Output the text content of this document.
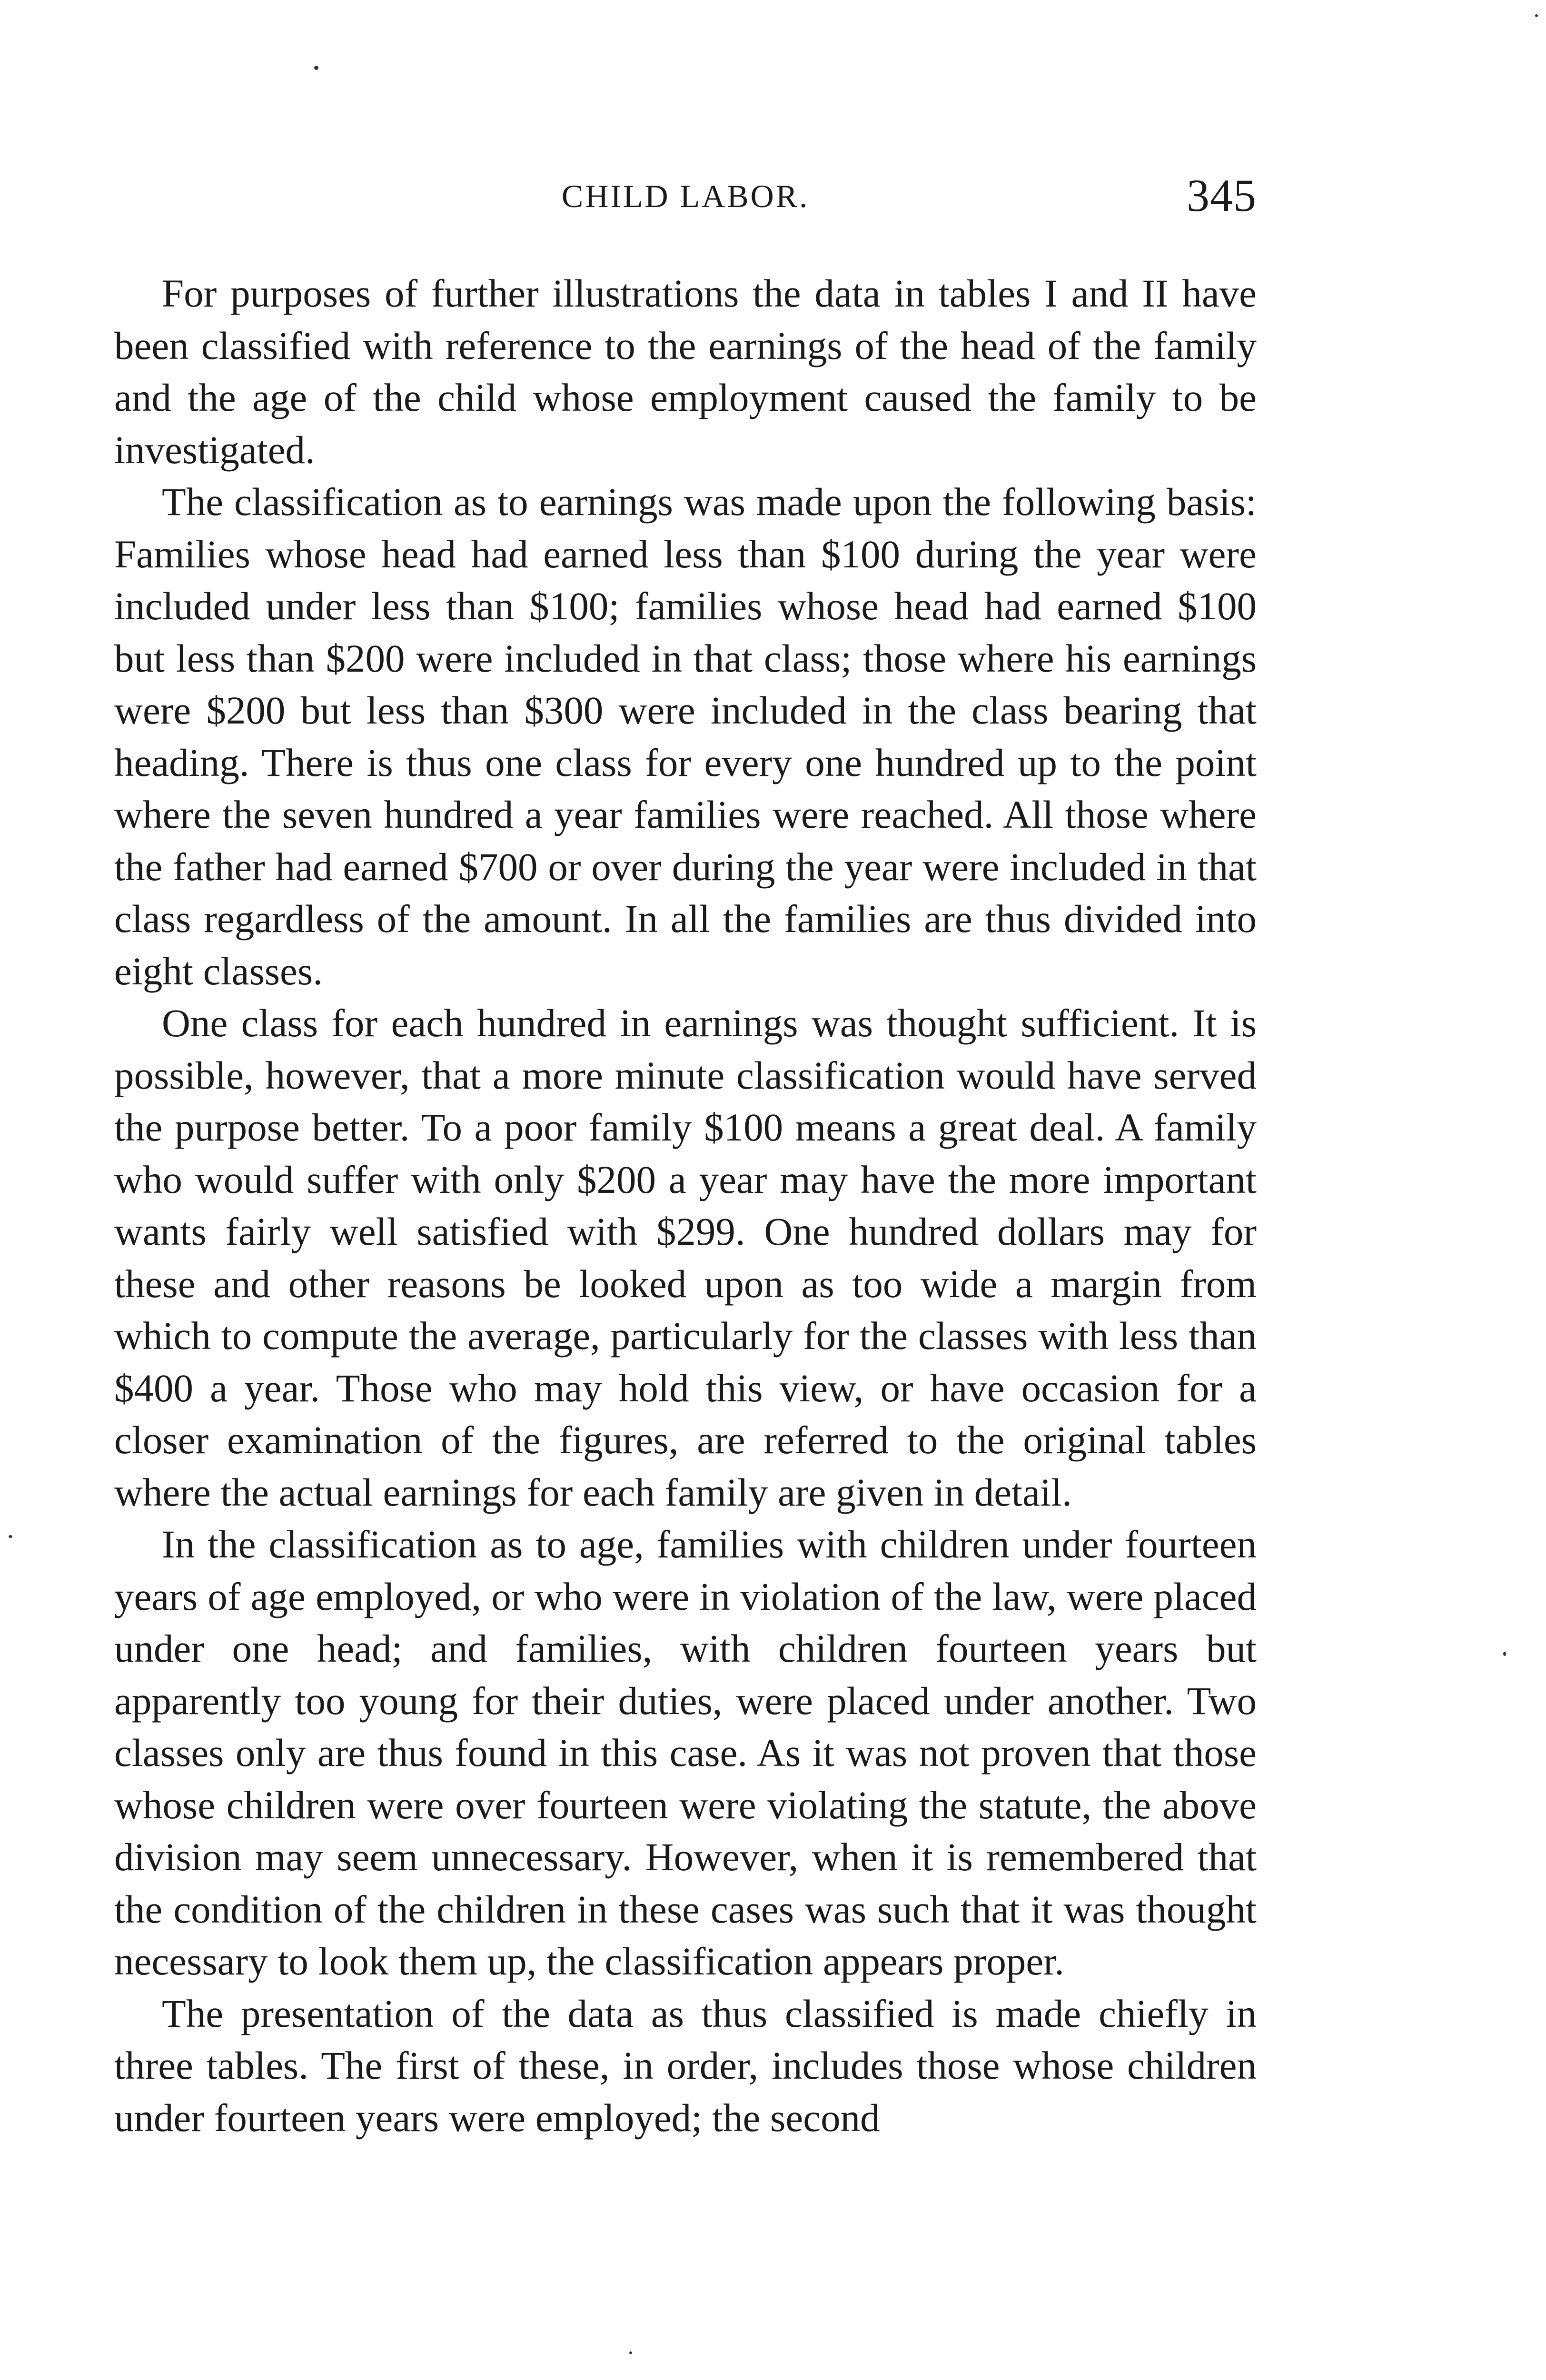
CHILD LABOR.	345

For purposes of further illustrations the data in tables I and II have been classified with reference to the earnings of the head of the family and the age of the child whose employment caused the family to be investigated.

The classification as to earnings was made upon the following basis: Families whose head had earned less than $100 during the year were included under less than $100; families whose head had earned $100 but less than $200 were included in that class; those where his earnings were $200 but less than $300 were included in the class bearing that heading. There is thus one class for every one hundred up to the point where the seven hundred a year families were reached. All those where the father had earned $700 or over during the year were included in that class regardless of the amount. In all the families are thus divided into eight classes.

One class for each hundred in earnings was thought sufficient. It is possible, however, that a more minute classification would have served the purpose better. To a poor family $100 means a great deal. A family who would suffer with only $200 a year may have the more important wants fairly well satisfied with $299. One hundred dollars may for these and other reasons be looked upon as too wide a margin from which to compute the average, particularly for the classes with less than $400 a year. Those who may hold this view, or have occasion for a closer examination of the figures, are referred to the original tables where the actual earnings for each family are given in detail.

In the classification as to age, families with children under fourteen years of age employed, or who were in violation of the law, were placed under one head; and families, with children fourteen years but apparently too young for their duties, were placed under another. Two classes only are thus found in this case. As it was not proven that those whose children were over fourteen were violating the statute, the above division may seem unnecessary. However, when it is remembered that the condition of the children in these cases was such that it was thought necessary to look them up, the classification appears proper.

The presentation of the data as thus classified is made chiefly in three tables. The first of these, in order, includes those whose children under fourteen years were employed; the second
